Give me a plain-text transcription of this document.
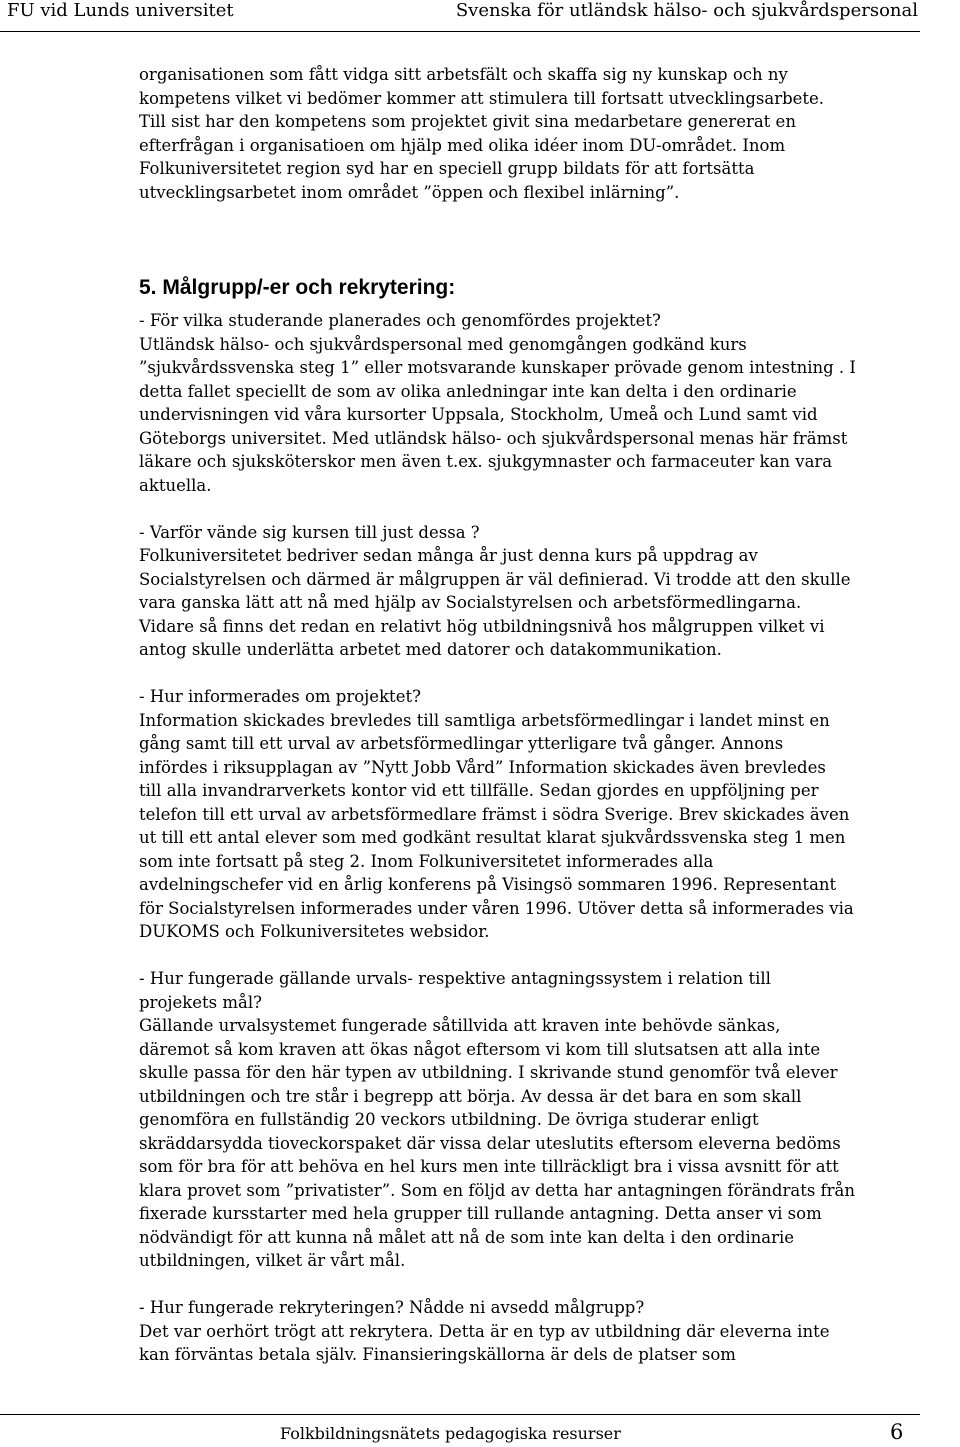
FU vid Lunds universitet	Svenska för utländsk hälso- och sjukvårdspersonal
organisationen som fått vidga sitt arbetsfält och skaffa sig ny kunskap och ny
kompetens vilket vi bedömer kommer att stimulera till fortsatt utvecklingsarbete.
Till sist har den kompetens som projektet givit sina medarbetare genererat en
efterfrågan i organisatioen om hjälp med olika idéer inom DU-området. Inom
Folkuniversitetet region syd har en speciell grupp bildats för att fortsätta
utvecklingsarbetet inom området ”öppen och flexibel inlärning”.
5. Målgrupp/-er och rekrytering:
- För vilka studerande planerades och genomfördes projektet?
Utländsk hälso- och sjukvårdspersonal med genomgången godkänd kurs
”sjukvårdssvenska steg 1” eller motsvarande kunskaper prövade genom intestning . I
detta fallet speciellt de som av olika anledningar inte kan delta i den ordinarie
undervisningen vid våra kursorter Uppsala, Stockholm, Umeå och Lund samt vid
Göteborgs universitet. Med utländsk hälso- och sjukvårdspersonal menas här främst
läkare och sjuksköterskor men även t.ex. sjukgymnaster och farmaceuter kan vara
aktuella.
- Varför vände sig kursen till just dessa ?
Folkuniversitetet bedriver sedan många år just denna kurs på uppdrag av
Socialstyrelsen och därmed är målgruppen är väl definierad. Vi trodde att den skulle
vara ganska lätt att nå med hjälp av Socialstyrelsen och arbetsförmedlingarna.
Vidare så finns det redan en relativt hög utbildningsnivå hos målgruppen vilket vi
antog skulle underlätta arbetet med datorer och datakommunikation.
- Hur informerades om projektet?
Information skickades brevledes till samtliga arbetsförmedlingar i landet minst en
gång samt till ett urval av arbetsförmedlingar ytterligare två gånger. Annons
infördes i riksupplagan av ”Nytt Jobb Vård” Information skickades även brevledes
till alla invandrarverkets kontor vid ett tillfälle. Sedan gjordes en uppföljning per
telefon till ett urval av arbetsförmedlare främst i södra Sverige. Brev skickades även
ut till ett antal elever som med godkänt resultat klarat sjukvårdssvenska steg 1 men
som inte fortsatt på steg 2. Inom Folkuniversitetet informerades alla
avdelningschefer vid en årlig konferens på Visingsö sommaren 1996. Representant
för Socialstyrelsen informerades under våren 1996. Utöver detta så informerades via
DUKOMS och Folkuniversitetes websidor.
- Hur fungerade gällande urvals- respektive antagningssystem i relation till
projekets mål?
Gällande urvalsystemet fungerade såtillvida att kraven inte behövde sänkas,
däremot så kom kraven att ökas något eftersom vi kom till slutsatsen att alla inte
skulle passa för den här typen av utbildning. I skrivande stund genomför två elever
utbildningen och tre står i begrepp att börja. Av dessa är det bara en som skall
genomföra en fullständig 20 veckors utbildning. De övriga studerar enligt
skräddarsydda tioveckorspaket där vissa delar uteslutits eftersom eleverna bedöms
som för bra för att behöva en hel kurs men inte tillräckligt bra i vissa avsnitt för att
klara provet som ”privatister”. Som en följd av detta har antagningen förändrats från
fixerade kursstarter med hela grupper till rullande antagning. Detta anser vi som
nödvändigt för att kunna nå målet att nå de som inte kan delta i den ordinarie
utbildningen, vilket är vårt mål.
- Hur fungerade rekryteringen? Nådde ni avsedd målgrupp?
Det var oerhört trögt att rekrytera. Detta är en typ av utbildning där eleverna inte
kan förväntas betala själv. Finansieringskällorna är dels de platser som
Folkbildningsnätets pedagogiska resurser	6
